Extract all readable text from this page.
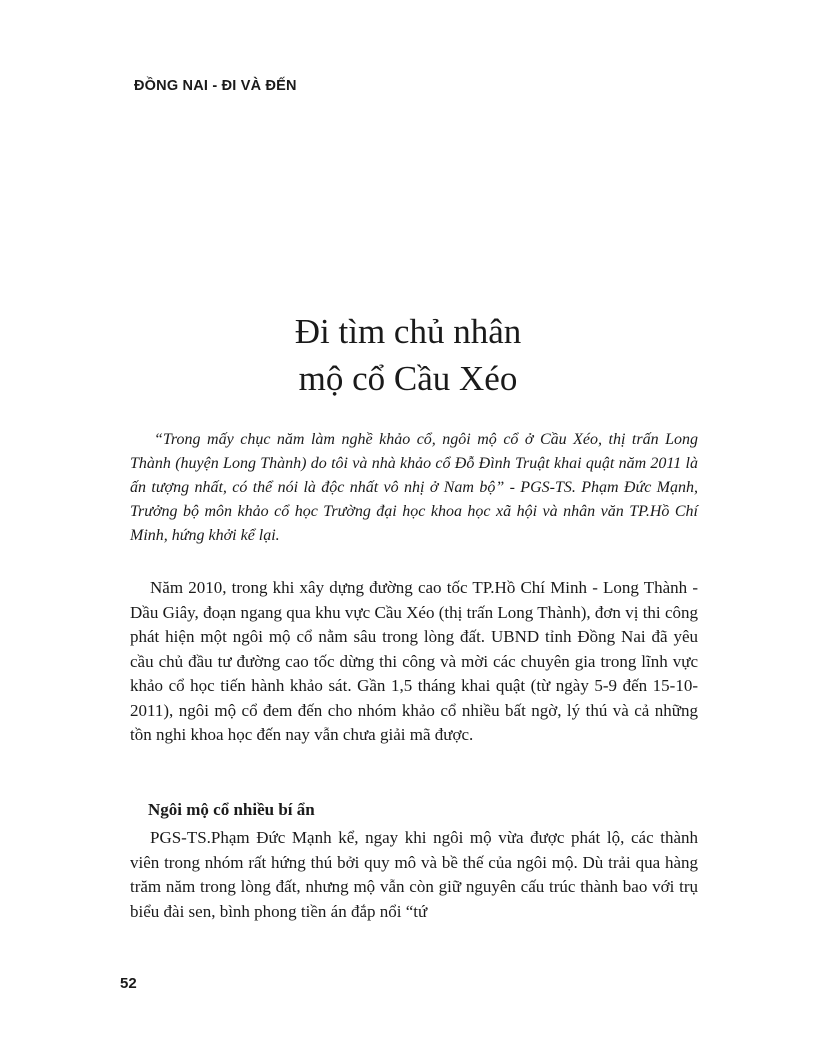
ĐỒNG NAI - ĐI VÀ ĐẾN
Đi tìm chủ nhân
mộ cổ Cầu Xéo

“Trong mấy chục năm làm nghề khảo cổ, ngôi mộ cổ ở Cầu Xéo, thị trấn Long Thành (huyện Long Thành) do tôi và nhà khảo cổ Đỗ Đình Truật khai quật năm 2011 là ấn tượng nhất, có thể nói là độc nhất vô nhị ở Nam bộ” - PGS-TS. Phạm Đức Mạnh, Trưởng bộ môn khảo cổ học Trường đại học khoa học xã hội và nhân văn TP.Hồ Chí Minh, hứng khởi kể lại.

Năm 2010, trong khi xây dựng đường cao tốc TP.Hồ Chí Minh - Long Thành - Dầu Giây, đoạn ngang qua khu vực Cầu Xéo (thị trấn Long Thành), đơn vị thi công phát hiện một ngôi mộ cổ nằm sâu trong lòng đất. UBND tỉnh Đồng Nai đã yêu cầu chủ đầu tư đường cao tốc dừng thi công và mời các chuyên gia trong lĩnh vực khảo cổ học tiến hành khảo sát. Gần 1,5 tháng khai quật (từ ngày 5-9 đến 15-10-2011), ngôi mộ cổ đem đến cho nhóm khảo cổ nhiều bất ngờ, lý thú và cả những tồn nghi khoa học đến nay vẫn chưa giải mã được.

Ngôi mộ cổ nhiều bí ẩn

PGS-TS.Phạm Đức Mạnh kể, ngay khi ngôi mộ vừa được phát lộ, các thành viên trong nhóm rất hứng thú bởi quy mô và bề thế của ngôi mộ. Dù trải qua hàng trăm năm trong lòng đất, nhưng mộ vẫn còn giữ nguyên cấu trúc thành bao với trụ biểu đài sen, bình phong tiền án đắp nổi “tứ

52
